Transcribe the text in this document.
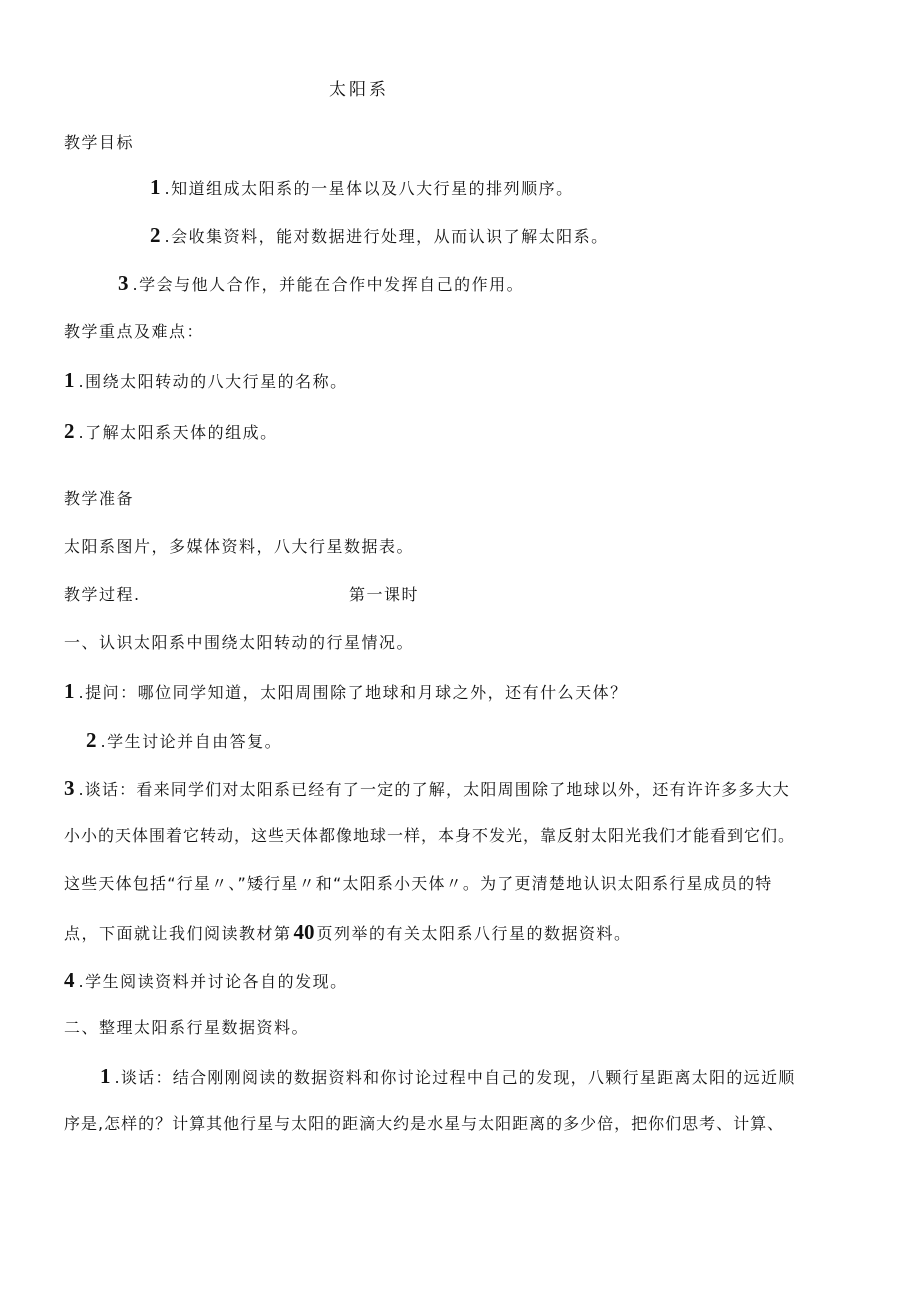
太阳系
教学目标
1 .知道组成太阳系的一星体以及八大行星的排列顺序。
2 .会收集资料，能对数据进行处理，从而认识了解太阳系。
3 .学会与他人合作，并能在合作中发挥自己的作用。
教学重点及难点：
1 .围绕太阳转动的八大行星的名称。
2 .了解太阳系天体的组成。
教学准备
太阳系图片，多媒体资料，八大行星数据表。
教学过程.	第一课时
一、认识太阳系中围绕太阳转动的行星情况。
1 .提问：哪位同学知道，太阳周围除了地球和月球之外，还有什么天体？
2 .学生讨论并自由答复。
3 .谈话：看来同学们对太阳系已经有了一定的了解，太阳周围除了地球以外，还有许许多多大大
小小的天体围着它转动，这些天体都像地球一样，本身不发光，靠反射太阳光我们才能看到它们。
这些天体包括“行星〃、”矮行星〃和“太阳系小天体〃。为了更清楚地认识太阳系行星成员的特
点，下面就让我们阅读教材第40 页列举的有关太阳系八行星的数据资料。
4 .学生阅读资料并讨论各自的发现。
二、整理太阳系行星数据资料。
1 .谈话：结合刚刚阅读的数据资料和你讨论过程中自己的发现，八颗行星距离太阳的远近顺
序是,怎样的？计算其他行星与太阳的距滴大约是水星与太阳距离的多少倍，把你们思考、计算、
